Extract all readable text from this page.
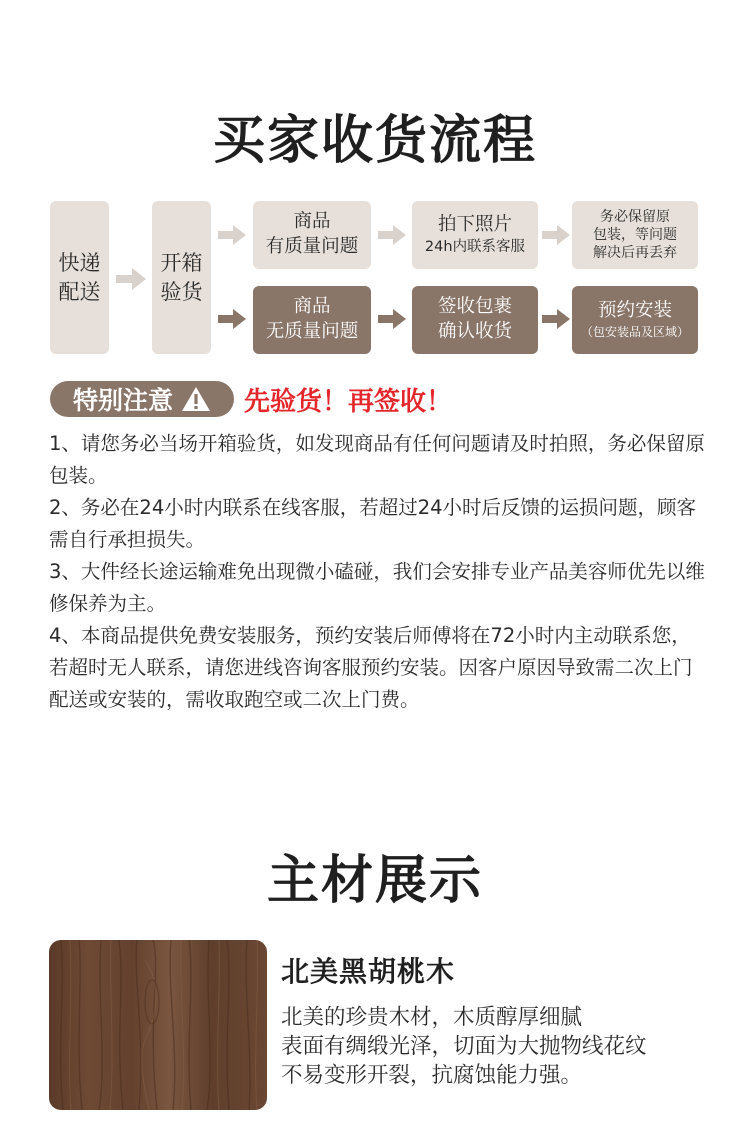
买家收货流程
快递
配送
开箱
验货
商品
有质量问题
拍下照片
24h内联系客服
务必保留原
包装，等问题
解决后再丢弃
商品
无质量问题
签收包裹
确认收货
预约安装
（包安装品及区域）
特别注意	先验货！再签收！

1、请您务必当场开箱验货，如发现商品有任何问题请及时拍照，务必保留原包装。

2、务必在24小时内联系在线客服，若超过24小时后反馈的运损问题，顾客需自行承担损失。

3、大件经长途运输难免出现微小磕碰，我们会安排专业产品美容师优先以维修保养为主。

4、本商品提供免费安装服务，预约安装后师傅将在72小时内主动联系您，若超时无人联系，请您进线咨询客服预约安装。因客户原因导致需二次上门配送或安装的，需收取跑空或二次上门费。

主材展示
北美黑胡桃木
北美的珍贵木材，木质醇厚细腻
表面有绸缎光泽，切面为大抛物线花纹
不易变形开裂，抗腐蚀能力强。
